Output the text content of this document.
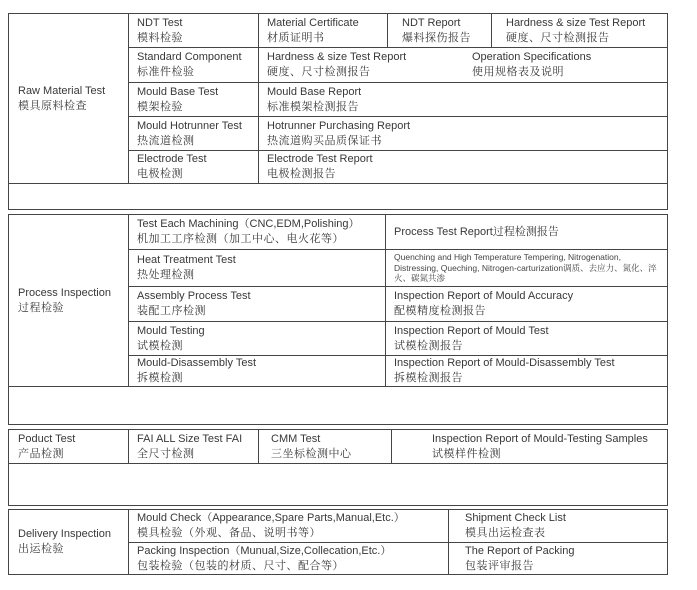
Raw Material Test
模具原料检查
NDT Test
模料检验
Material Certificate
材质证明书
NDT Report
爆料探伤报告
Hardness & size Test Report
硬度、尺寸检测报告
Standard Component
标准件检验
Hardness & size Test Report
硬度、尺寸检测报告
Operation Specifications
使用规格表及说明
Mould Base Test
模架检验
Mould Base Report
标准模架检测报告
Mould Hotrunner Test
热流道检测
Hotrunner Purchasing Report
热流道购买品质保证书
Electrode Test
电极检测
Electrode Test Report
电极检测报告
Process Inspection
过程检验
Test Each Machining（CNC,EDM,Polishing）
机加工工序检测（加工中心、电火花等）
Process Test Report过程检测报告
Heat Treatment Test
热处理检测
Quenching and High Temperature Tempering, Nitrogenation, Distressing, Queching, Nitrogen-carturization调质、去应力、氮化、淬火、碳氮共渗
Assembly Process Test
装配工序检测
Inspection Report of Mould Accuracy
配模精度检测报告
Mould Testing
试模检测
Inspection Report of Mould Test
试模检测报告
Mould-Disassembly Test
拆模检测
Inspection Report of Mould-Disassembly Test
拆模检测报告
Poduct Test
产品检测
FAI ALL Size Test FAI
全尺寸检测
CMM Test
三坐标检测中心
Inspection Report of Mould-Testing Samples
试模样件检测
Delivery Inspection
出运检验
Mould Check（Appearance,Spare Parts,Manual,Etc.）
模具检验（外观、备品、说明书等）
Shipment Check List
模具出运检查表
Packing Inspection（Munual,Size,Collecation,Etc.）
包装检验（包装的材质、尺寸、配合等）
The Report of Packing
包装评审报告
